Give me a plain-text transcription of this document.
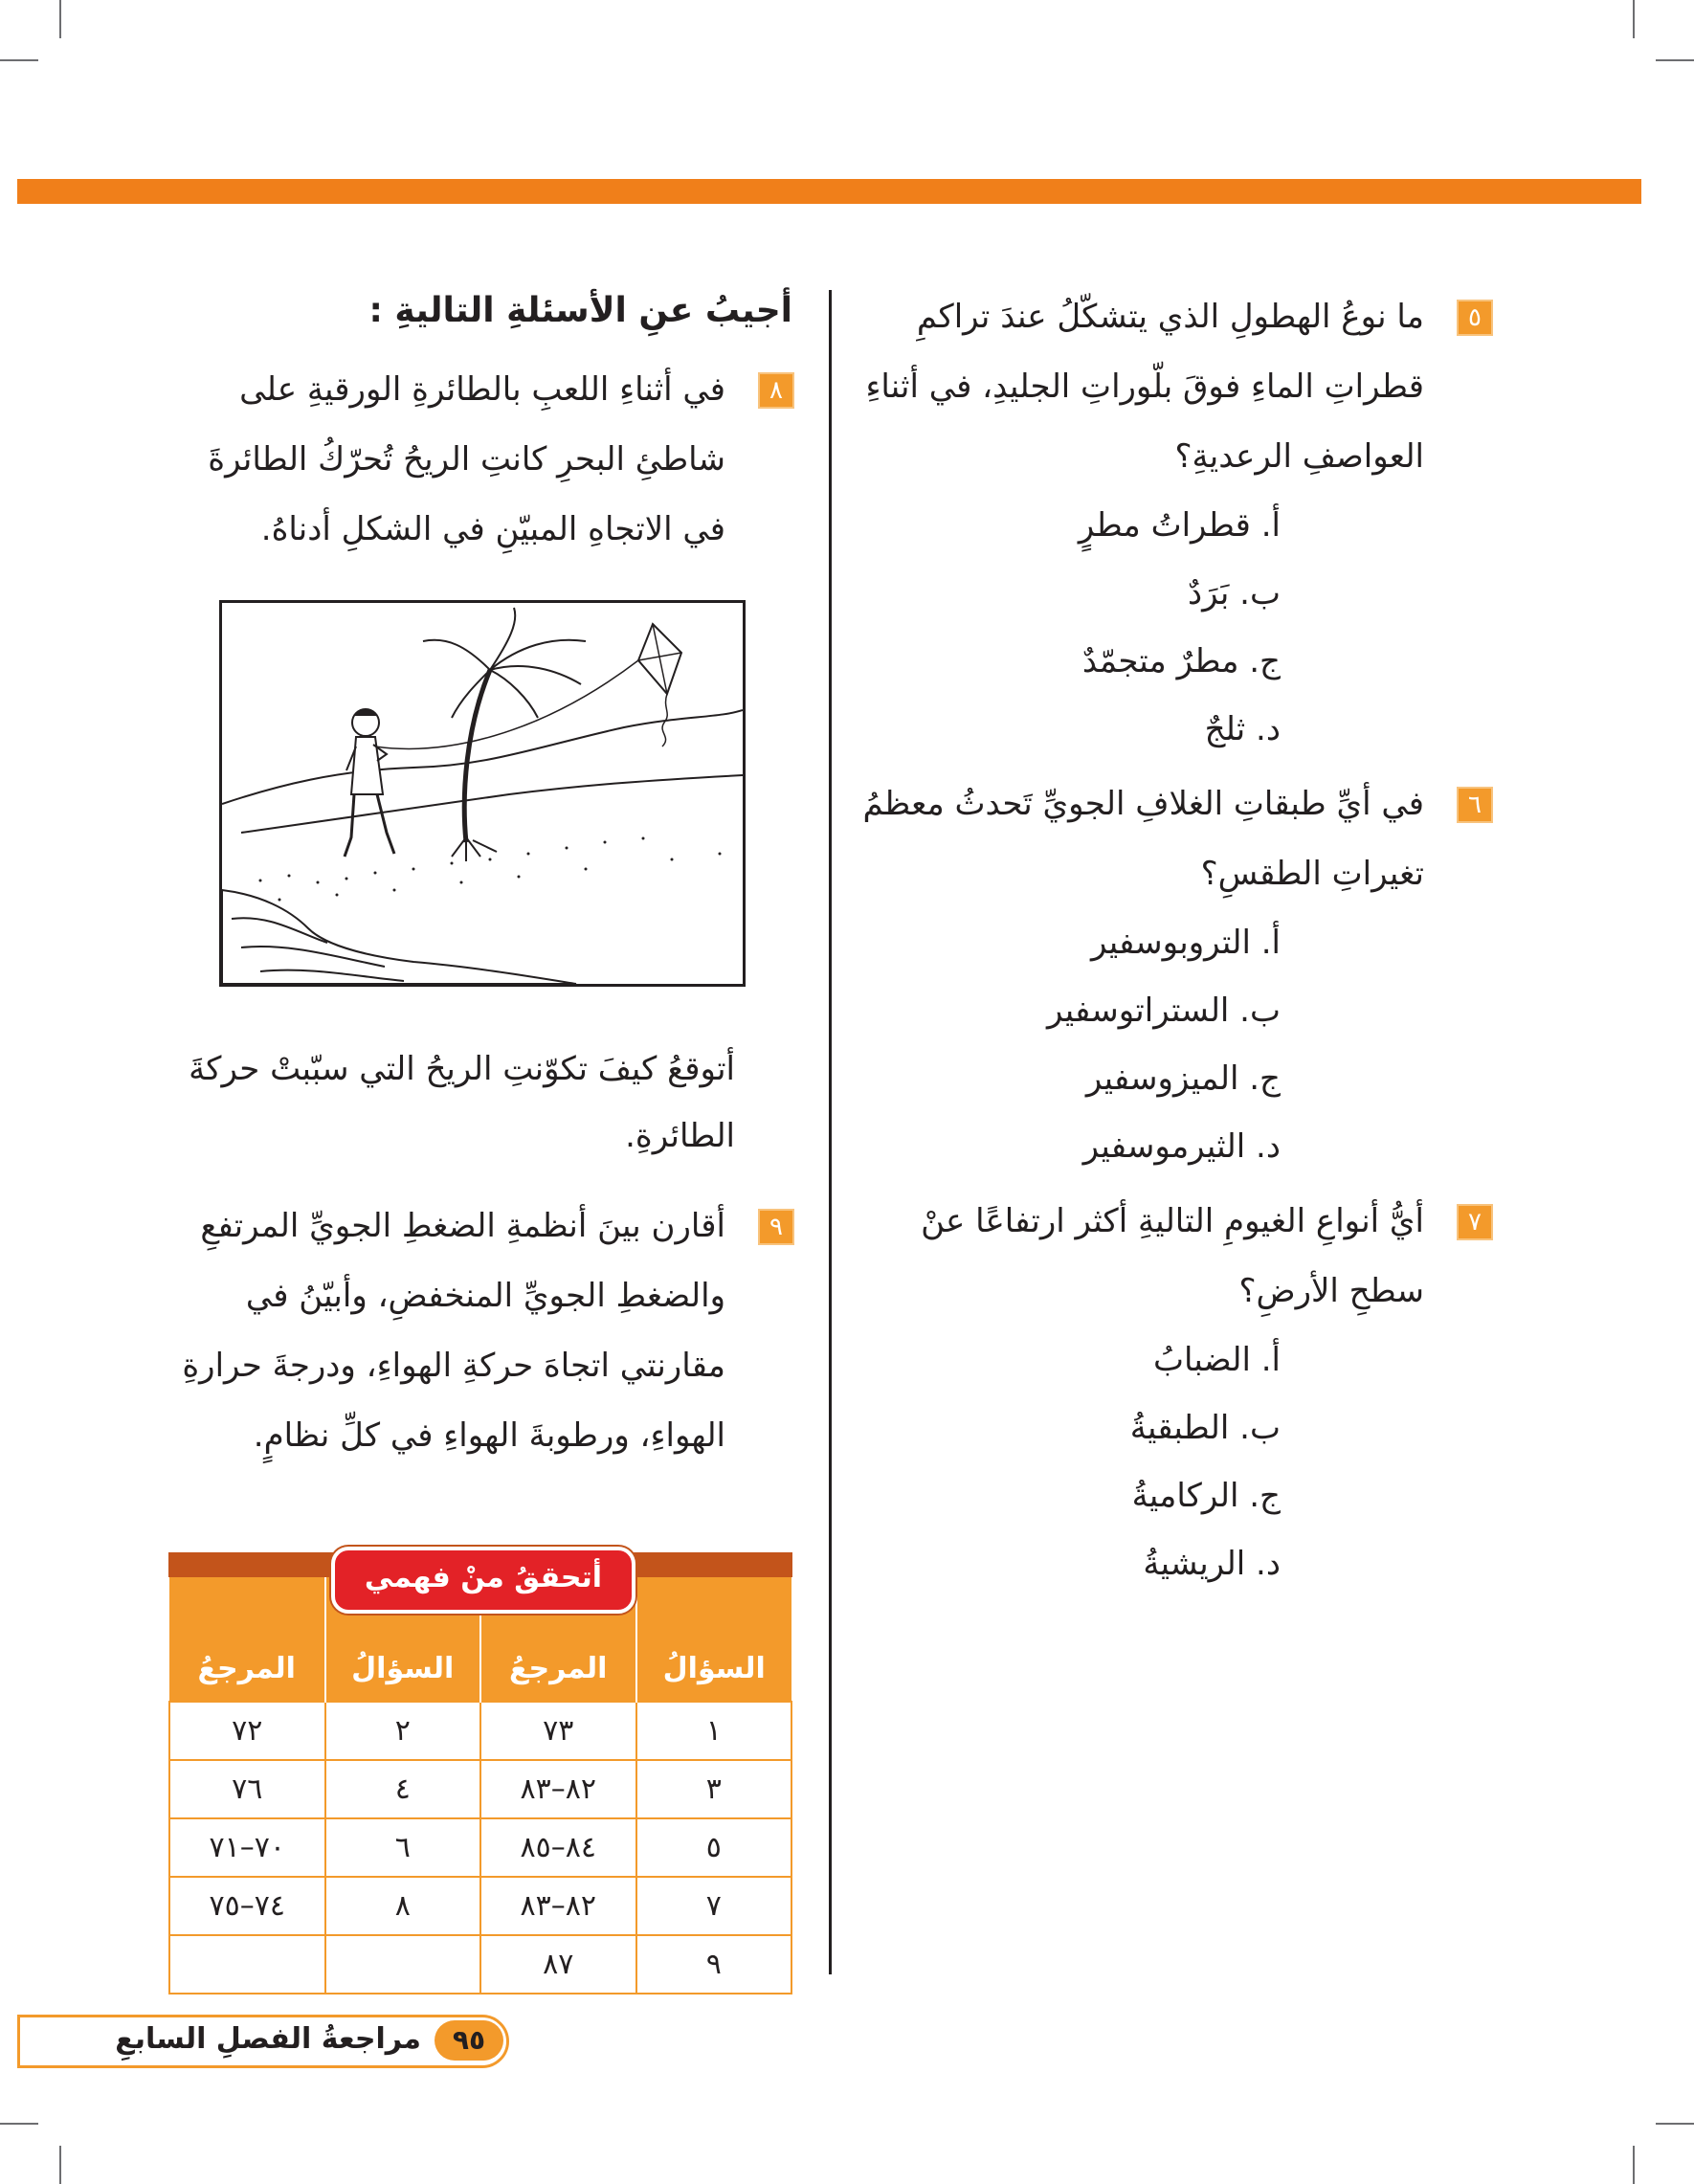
٥
ما نوعُ الهطولِ الذي يتشكّلُ عندَ تراكمِ قطراتِ الماءِ فوقَ بلّوراتِ الجليدِ، في أثناءِ العواصفِ الرعديةِ؟
أ. قطراتُ مطرٍ
ب. بَرَدٌ
ج. مطرٌ متجمّدٌ
د. ثلجٌ
٦
في أيِّ طبقاتِ الغلافِ الجويِّ تَحدثُ معظمُ تغيراتِ الطقسِ؟
أ. التروبوسفير
ب. الستراتوسفير
ج. الميزوسفير
د. الثيرموسفير
٧
أيُّ أنواعِ الغيومِ التاليةِ أكثر ارتفاعًا عنْ سطحِ الأرضِ؟
أ. الضبابُ
ب. الطبقيةُ
ج. الركاميةُ
د. الريشيةُ
أجيبُ عنِ الأسئلةِ التاليةِ :
٨
في أثناءِ اللعبِ بالطائرةِ الورقيةِ على شاطئِ البحرِ كانتِ الريحُ تُحرّكُ الطائرةَ في الاتجاهِ المبيّنِ في الشكلِ أدناهُ.
أتوقعُ كيفَ تكوّنتِ الريحُ التي سبّبتْ حركةَ الطائرةِ.
٩
أقارن بينَ أنظمةِ الضغطِ الجويِّ المرتفعِ والضغطِ الجويِّ المنخفضِ، وأبيّنُ في مقارنتي اتجاهَ حركةِ الهواءِ، ودرجةَ حرارةِ الهواءِ، ورطوبةَ الهواءِ في كلِّ نظامٍ.
أتحققُ منْ فهمي
السؤالُ	المرجعُ	السؤالُ	المرجعُ
١	٧٣	٢	٧٢
٣	٨٢–٨٣	٤	٧٦
٥	٨٤–٨٥	٦	٧٠–٧١
٧	٨٢–٨٣	٨	٧٤–٧٥
٩	٨٧		
مراجعةُ الفصلِ السابعِ	٩٥
